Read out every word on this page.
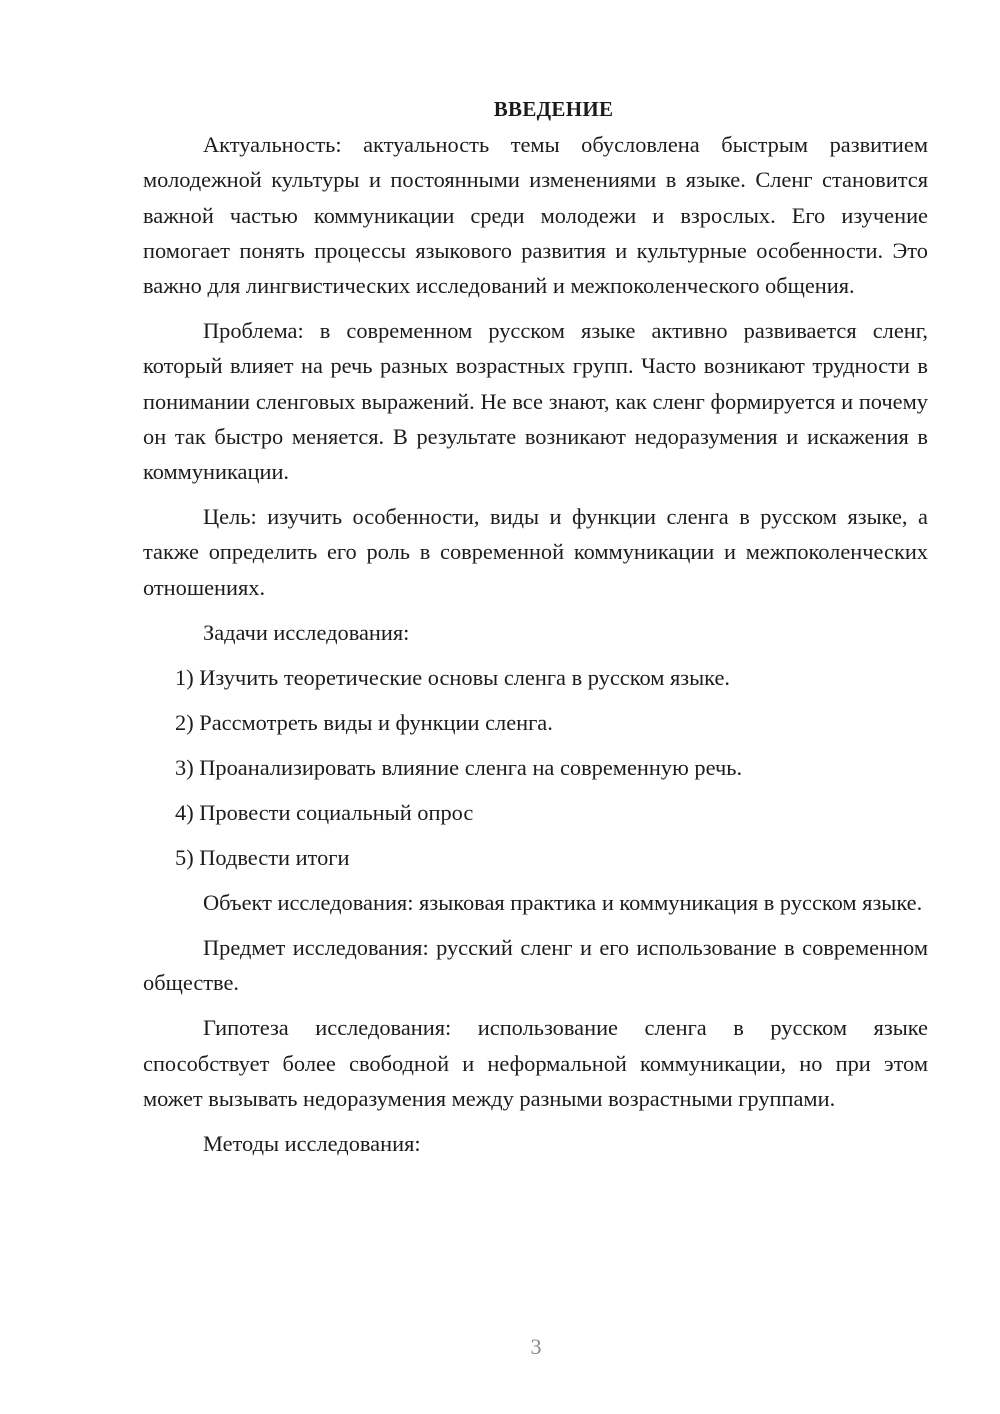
ВВЕДЕНИЕ

Актуальность: актуальность темы обусловлена быстрым развитием молодежной культуры и постоянными изменениями в языке. Сленг становится важной частью коммуникации среди молодежи и взрослых. Его изучение помогает понять процессы языкового развития и культурные особенности. Это важно для лингвистических исследований и межпоколенческого общения.

Проблема: в современном русском языке активно развивается сленг, который влияет на речь разных возрастных групп. Часто возникают трудности в понимании сленговых выражений. Не все знают, как сленг формируется и почему он так быстро меняется. В результате возникают недоразумения и искажения в коммуникации.

Цель: изучить особенности, виды и функции сленга в русском языке, а также определить его роль в современной коммуникации и межпоколенческих отношениях.

Задачи исследования:

1) Изучить теоретические основы сленга в русском языке.

2) Рассмотреть виды и функции сленга.

3) Проанализировать влияние сленга на современную речь.

4) Провести социальный опрос

5) Подвести итоги

Объект исследования: языковая практика и коммуникация в русском языке.

Предмет исследования: русский сленг и его использование в современном обществе.

Гипотеза исследования: использование сленга в русском языке способствует более свободной и неформальной коммуникации, но при этом может вызывать недоразумения между разными возрастными группами.

Методы исследования:

3
